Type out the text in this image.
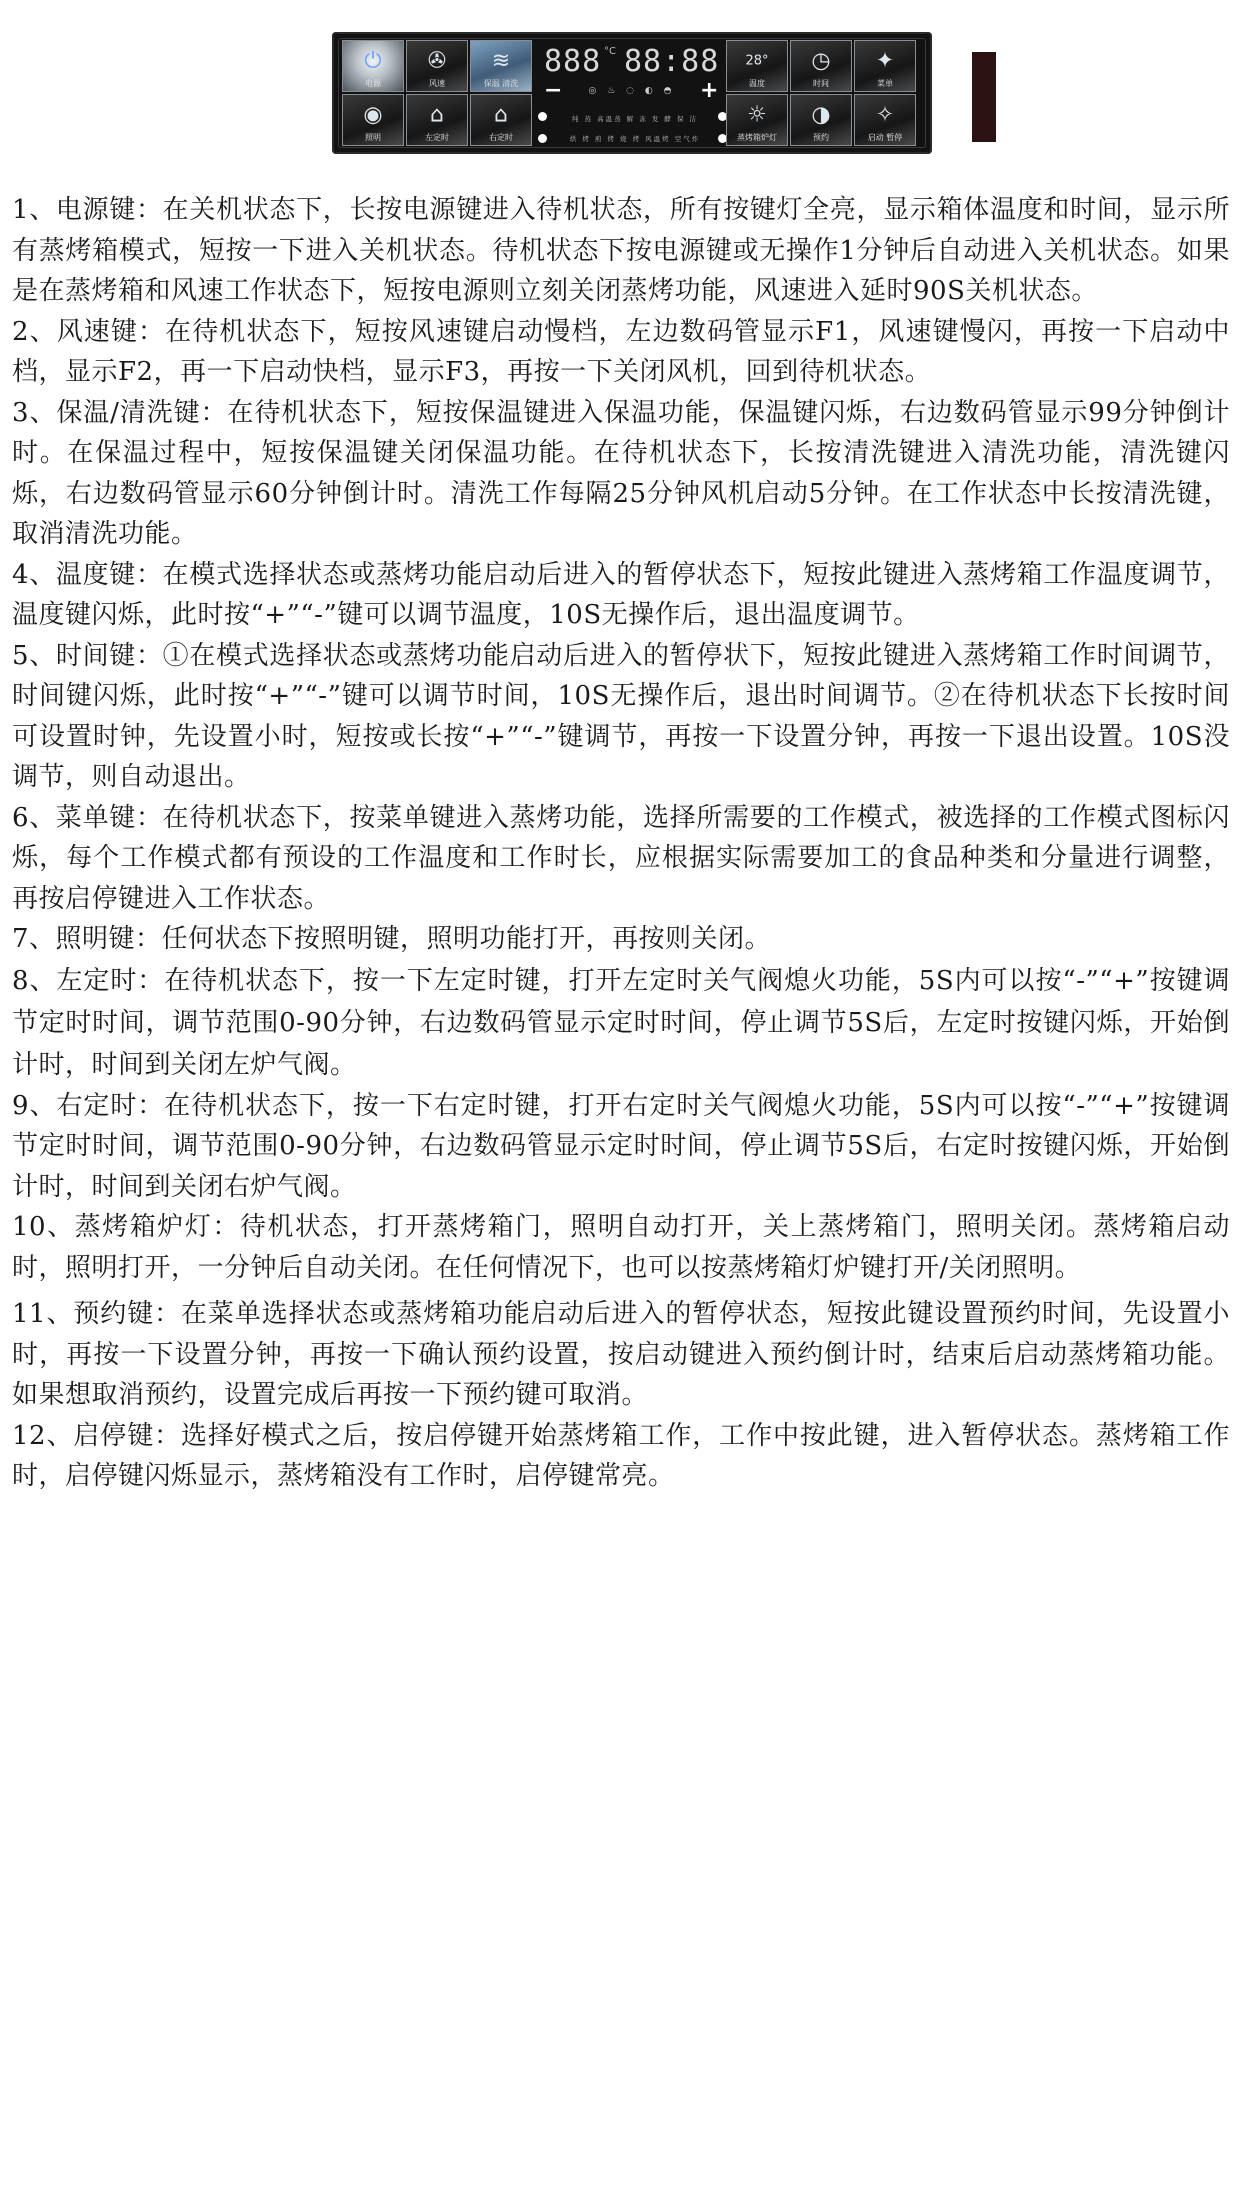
⏻
电源
✇
风速
≋
保温 清洗
◉
照明
⌂
左定时
⌂
右定时
888 °C 88:88
−	+
◎ ♨ ◌ ◐ ◓
纯 蒸 高温蒸 解 冻 发 酵 保 洁
烘 烤 煎 烤 烧 烤 风温烤 空气炸
28°
温度
◷
时间
✦
菜单
☼
蒸烤箱炉灯
◑
预约
✧
启动 暂停

1、电源键：在关机状态下，长按电源键进入待机状态，所有按键灯全亮，显示箱体温度和时间，显示所有蒸烤箱模式，短按一下进入关机状态。待机状态下按电源键或无操作1分钟后自动进入关机状态。如果是在蒸烤箱和风速工作状态下，短按电源则立刻关闭蒸烤功能，风速进入延时90S关机状态。

2、风速键：在待机状态下，短按风速键启动慢档，左边数码管显示F1，风速键慢闪，再按一下启动中档，显示F2，再一下启动快档，显示F3，再按一下关闭风机，回到待机状态。

3、保温/清洗键：在待机状态下，短按保温键进入保温功能，保温键闪烁，右边数码管显示99分钟倒计时。在保温过程中，短按保温键关闭保温功能。在待机状态下，长按清洗键进入清洗功能，清洗键闪烁，右边数码管显示60分钟倒计时。清洗工作每隔25分钟风机启动5分钟。在工作状态中长按清洗键，取消清洗功能。

4、温度键：在模式选择状态或蒸烤功能启动后进入的暂停状态下，短按此键进入蒸烤箱工作温度调节，温度键闪烁，此时按“+”“-”键可以调节温度，10S无操作后，退出温度调节。

5、时间键：①在模式选择状态或蒸烤功能启动后进入的暂停状下，短按此键进入蒸烤箱工作时间调节，时间键闪烁，此时按“+”“-”键可以调节时间，10S无操作后，退出时间调节。②在待机状态下长按时间可设置时钟，先设置小时，短按或长按“+”“-”键调节，再按一下设置分钟，再按一下退出设置。10S没调节，则自动退出。

6、菜单键：在待机状态下，按菜单键进入蒸烤功能，选择所需要的工作模式，被选择的工作模式图标闪烁，每个工作模式都有预设的工作温度和工作时长，应根据实际需要加工的食品种类和分量进行调整，再按启停键进入工作状态。

7、照明键：任何状态下按照明键，照明功能打开，再按则关闭。

8、左定时：在待机状态下，按一下左定时键，打开左定时关气阀熄火功能，5S内可以按“-”“+”按键调节定时时间，调节范围0-90分钟，右边数码管显示定时时间，停止调节5S后，左定时按键闪烁，开始倒计时，时间到关闭左炉气阀。

9、右定时：在待机状态下，按一下右定时键，打开右定时关气阀熄火功能，5S内可以按“-”“+”按键调节定时时间，调节范围0-90分钟，右边数码管显示定时时间，停止调节5S后，右定时按键闪烁，开始倒计时，时间到关闭右炉气阀。

10、蒸烤箱炉灯：待机状态，打开蒸烤箱门，照明自动打开，关上蒸烤箱门，照明关闭。蒸烤箱启动时，照明打开，一分钟后自动关闭。在任何情况下，也可以按蒸烤箱灯炉键打开/关闭照明。

11、预约键：在菜单选择状态或蒸烤箱功能启动后进入的暂停状态，短按此键设置预约时间，先设置小时，再按一下设置分钟，再按一下确认预约设置，按启动键进入预约倒计时，结束后启动蒸烤箱功能。如果想取消预约，设置完成后再按一下预约键可取消。

12、启停键：选择好模式之后，按启停键开始蒸烤箱工作，工作中按此键，进入暂停状态。蒸烤箱工作时，启停键闪烁显示，蒸烤箱没有工作时，启停键常亮。
